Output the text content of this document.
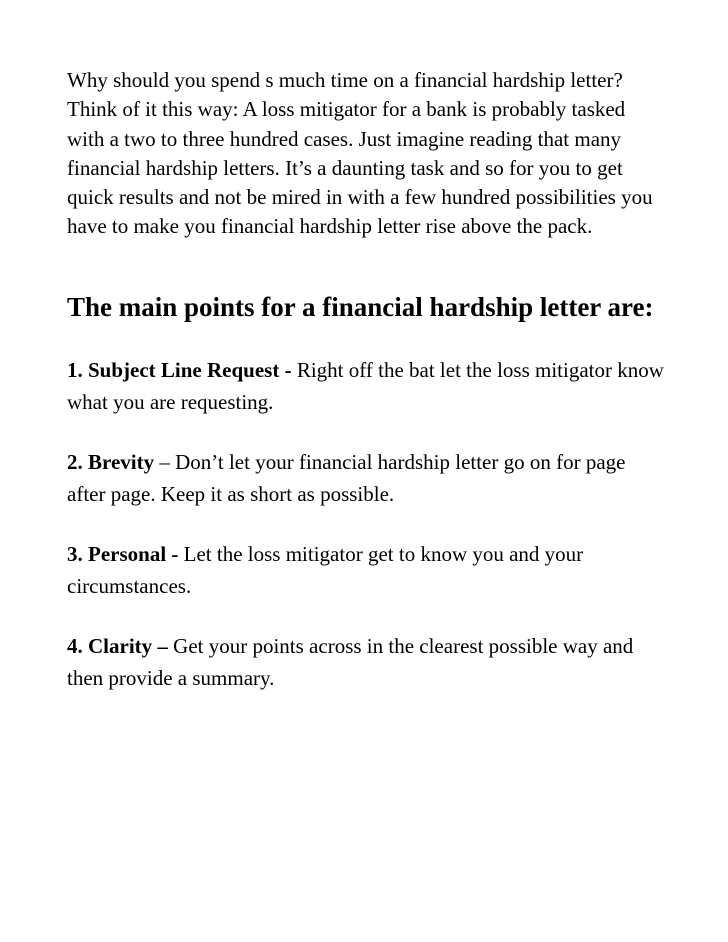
Why should you spend s much time on a financial hardship letter? Think of it this way: A loss mitigator for a bank is probably tasked with a two to three hundred cases. Just imagine reading that many financial hardship letters. It’s a daunting task and so for you to get quick results and not be mired in with a few hundred possibilities you have to make you financial hardship letter rise above the pack.

The main points for a financial hardship letter are:
1. Subject Line Request - Right off the bat let the loss mitigator know what you are requesting.
2. Brevity – Don’t let your financial hardship letter go on for page after page. Keep it as short as possible.
3. Personal - Let the loss mitigator get to know you and your circumstances.
4. Clarity – Get your points across in the clearest possible way and then provide a summary.
